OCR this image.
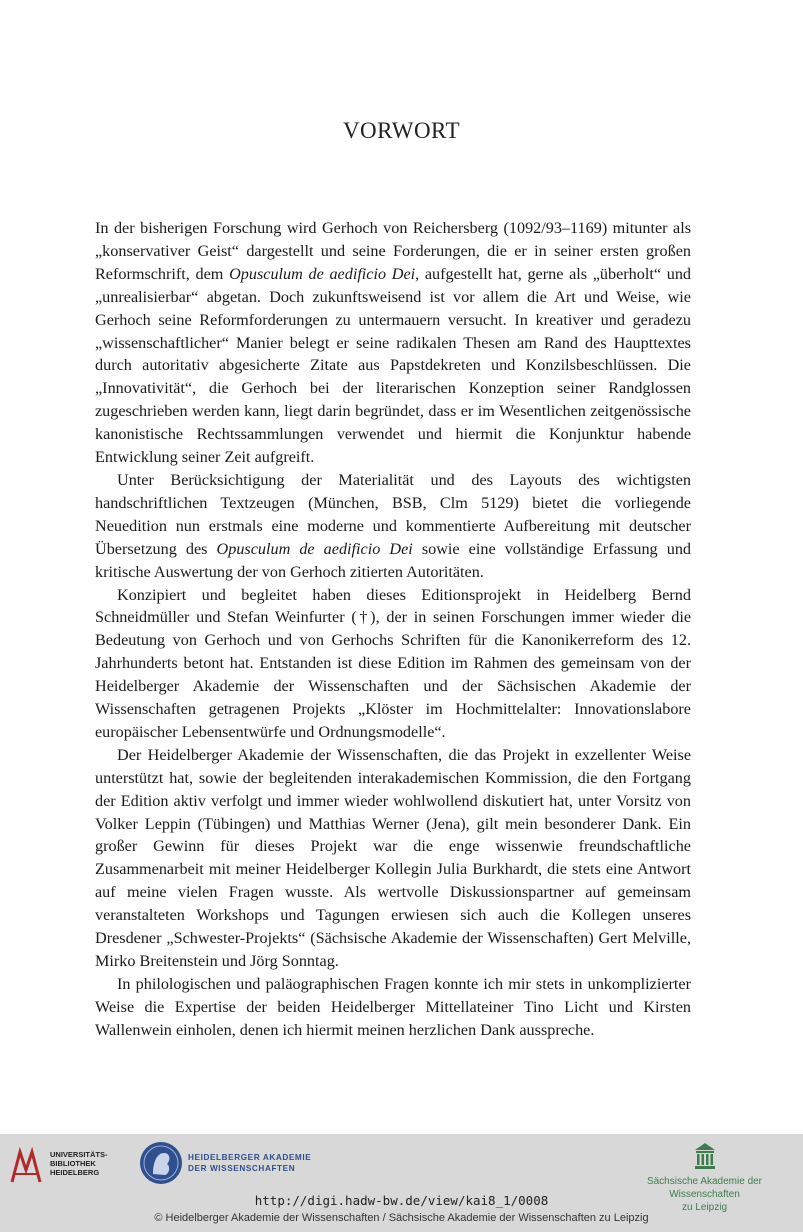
VORWORT

In der bisherigen Forschung wird Gerhoch von Reichersberg (1092/93–1169) mitunter als „konservativer Geist“ dargestellt und seine Forderungen, die er in seiner ersten großen Reformschrift, dem Opusculum de aedificio Dei, aufgestellt hat, gerne als „überholt“ und „unrealisierbar“ abgetan. Doch zukunftsweisend ist vor allem die Art und Weise, wie Gerhoch seine Reformforderungen zu untermauern versucht. In kreativer und geradezu „wissenschaftlicher“ Manier belegt er seine radikalen Thesen am Rand des Haupttextes durch autoritativ abgesicherte Zitate aus Papstdekreten und Konzilsbeschlüssen. Die „Innovativität“, die Gerhoch bei der literarischen Konzeption seiner Randglossen zugeschrieben werden kann, liegt darin begründet, dass er im Wesentlichen zeitgenössische kanonistische Rechtssammlungen verwendet und hiermit die Konjunktur habende Entwicklung seiner Zeit aufgreift.

Unter Berücksichtigung der Materialität und des Layouts des wichtigsten handschriftlichen Textzeugen (München, BSB, Clm 5129) bietet die vorliegende Neuedition nun erstmals eine moderne und kommentierte Aufbereitung mit deutscher Übersetzung des Opusculum de aedificio Dei sowie eine vollständige Erfassung und kritische Auswertung der von Gerhoch zitierten Autoritäten.

Konzipiert und begleitet haben dieses Editionsprojekt in Heidelberg Bernd Schneidmüller und Stefan Weinfurter (†), der in seinen Forschungen immer wieder die Bedeutung von Gerhoch und von Gerhochs Schriften für die Kanonikerreform des 12. Jahrhunderts betont hat. Entstanden ist diese Edition im Rahmen des gemeinsam von der Heidelberger Akademie der Wissenschaften und der Sächsischen Akademie der Wissenschaften getragenen Projekts „Klöster im Hochmittelalter: Innovationslabore europäischer Lebensentwürfe und Ordnungsmodelle“.

Der Heidelberger Akademie der Wissenschaften, die das Projekt in exzellenter Weise unterstützt hat, sowie der begleitenden interakademischen Kommission, die den Fortgang der Edition aktiv verfolgt und immer wieder wohlwollend diskutiert hat, unter Vorsitz von Volker Leppin (Tübingen) und Matthias Werner (Jena), gilt mein besonderer Dank. Ein großer Gewinn für dieses Projekt war die enge wissenwie freundschaftliche Zusammenarbeit mit meiner Heidelberger Kollegin Julia Burkhardt, die stets eine Antwort auf meine vielen Fragen wusste. Als wertvolle Diskussionspartner auf gemeinsam veranstalteten Workshops und Tagungen erwiesen sich auch die Kollegen unseres Dresdener „Schwester-Projekts“ (Sächsische Akademie der Wissenschaften) Gert Melville, Mirko Breitenstein und Jörg Sonntag.

In philologischen und paläographischen Fragen konnte ich mir stets in unkomplizierter Weise die Expertise der beiden Heidelberger Mittellateiner Tino Licht und Kirsten Wallenwein einholen, denen ich hiermit meinen herzlichen Dank ausspreche.

UNIVERSITÄTS-
BIBLIOTHEK
HEIDELBERG
HEIDELBERGER AKADEMIE
DER WISSENSCHAFTEN
Sächsische Akademie der Wissenschaften
zu Leipzig
http://digi.hadw-bw.de/view/kai8_1/0008
© Heidelberger Akademie der Wissenschaften / Sächsische Akademie der Wissenschaften zu Leipzig
